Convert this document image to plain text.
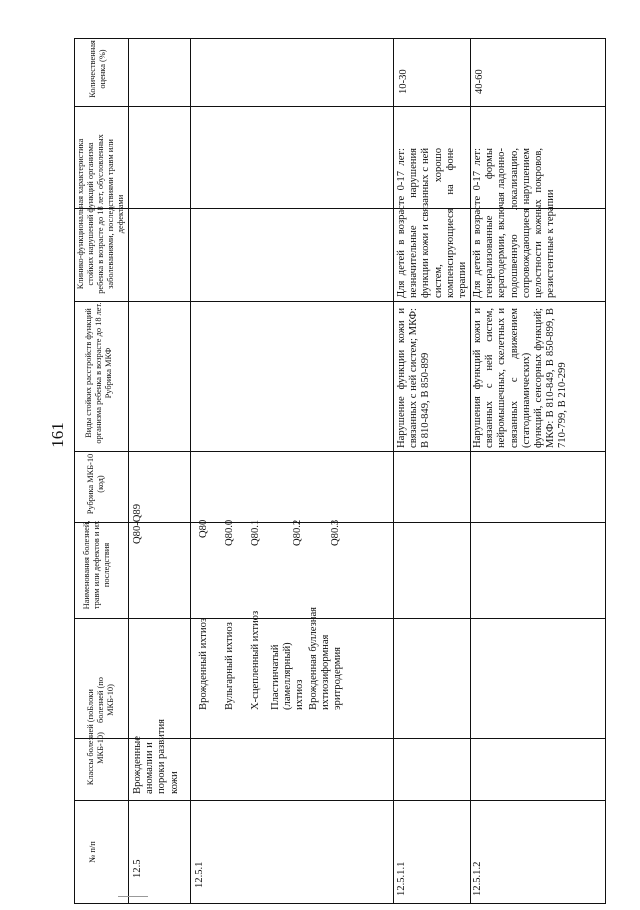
161
№ п/п
Классы болезней (по МКБ-10)
Блоки болезней (по МКБ-10)
Наименования болезней, травм или дефектов и их последствия
Рубрика МКБ-10 (код)
Виды стойких расстройств функций организма ребенка в возрасте до 18 лет. Рубрика МКФ
Клинико-функциональная характеристика стойких нарушений функций организма ребенка в возрасте до 18 лет, обусловленных заболеваниями, последствиями травм или дефектами
Количественная оценка (%)
12.5
Врожденные аномалии и пороки развития кожи
Q80-Q89
12.5.1
Врожденный ихтиоз
Q80
Вульгарный ихтиоз
Q80.0
Х-сцепленный ихтиоз
Q80.1
Пластинчатый (ламеллярный) ихтиоз
Q80.2
Врожденная буллезная ихтиозиформная эритродермия
Q80.3
12.5.1.1
Нарушение функции кожи и связанных с ней систем; МКФ: В 810-849, В 850-899
Для детей в возрасте 0-17 лет: незначительные нарушения функции кожи и связанных с ней систем, хорошо компенсирующиеся на фоне терапии
10-30
12.5.1.2
Нарушения функций кожи и связанных с ней систем, нейромышечных, скелетных и связанных с движением (статодинамических) функций, сенсорных функций; МКФ: В 810-849, В 850-899, В 710-799, В 210-299
Для детей в возрасте 0-17 лет: генерализованные формы кератодермии, включая ладонно-подошвенную локализацию, сопровождающиеся нарушением целостности кожных покровов, резистентные к терапии
40-60
